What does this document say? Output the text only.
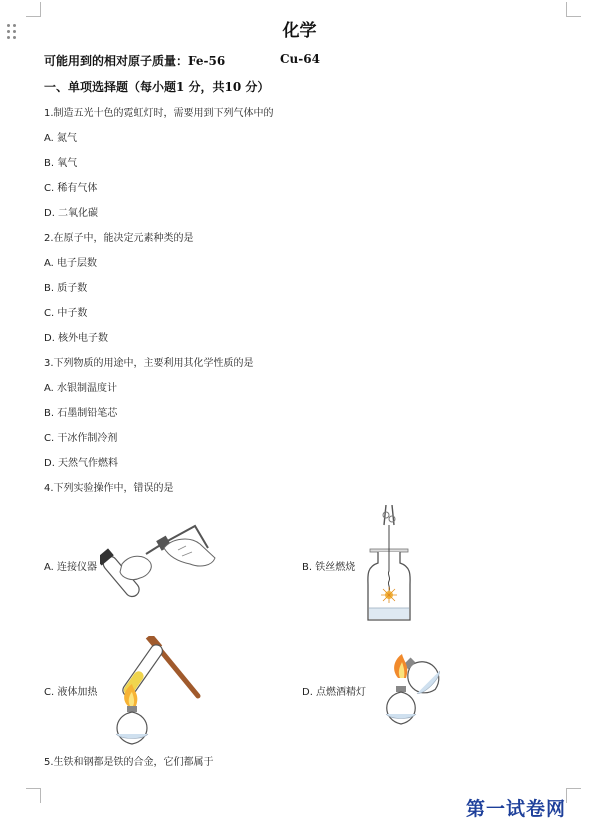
化学
可能用到的相对原子质量：Fe-56	Cu-64
一、单项选择题（每小题1 分，共10 分）
1.制造五光十色的霓虹灯时，需要用到下列气体中的
A. 氮气
B. 氧气
C. 稀有气体
D. 二氧化碳
2.在原子中，能决定元素种类的是
A. 电子层数
B. 质子数
C. 中子数
D. 核外电子数
3.下列物质的用途中，主要利用其化学性质的是
A. 水银制温度计
B. 石墨制铅笔芯
C. 干冰作制冷剂
D. 天然气作燃料
4.下列实验操作中，错误的是
A. 连接仪器	B. 铁丝燃烧
C. 液体加热	D. 点燃酒精灯
5.生铁和钢都是铁的合金，它们都属于
第一试卷网
